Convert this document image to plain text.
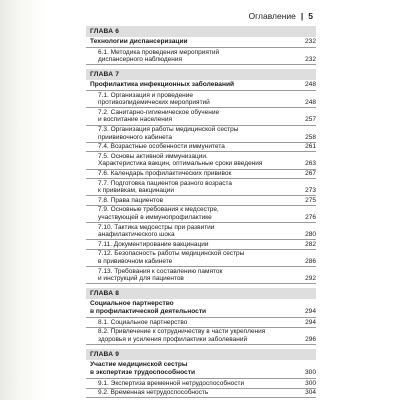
Оглавление | 5
ГЛАВА 6
Технологии диспансеризации	232
6.1. Методика проведения мероприятий
диспансерного наблюдения	232
ГЛАВА 7
Профилактика инфекционных заболеваний	248
7.1. Организация и проведение
противоэпидемических мероприятий	248
7.2. Санитарно-гигиеническое обучение
и воспитание населения	257
7.3. Организация работы медицинской сестры
приививочного кабинета	258
7.4. Возрастные особенности иммунитета	261
7.5. Основы активной иммунизации.
Характеристика вакцин, оптимальные сроки введения	263
7.6. Календарь профилактических прививок	267
7.7. Подготовка пациентов разного возраста
к прививкам, вакцинации	273
7.8. Права пациентов	275
7.9. Основные требования к медсестре,
участвующей в иммунопрофилактике	276
7.10. Тактика медсестры при развитии
анафилактического шока	280
7.11. Документирование вакцинации	282
7.12. Безопасность работы медицинской сестры
в прививочном кабинете	286
7.13. Требования к составлению памяток
и инструкций для пациентов	292
ГЛАВА 8
Социальное партнерство
в профилактической деятельности	294
8.1. Социальное партнерство	294
8.2. Привлечение к сотрудничеству в части укрепления
здоровья и усиления профилактики заболеваний	296
ГЛАВА 9
Участие медицинской сестры
в экспертизе трудоспособности	300
9.1. Экспертиза временной нетрудоспособности	300
9.2. Временная нетрудоспособность	304
